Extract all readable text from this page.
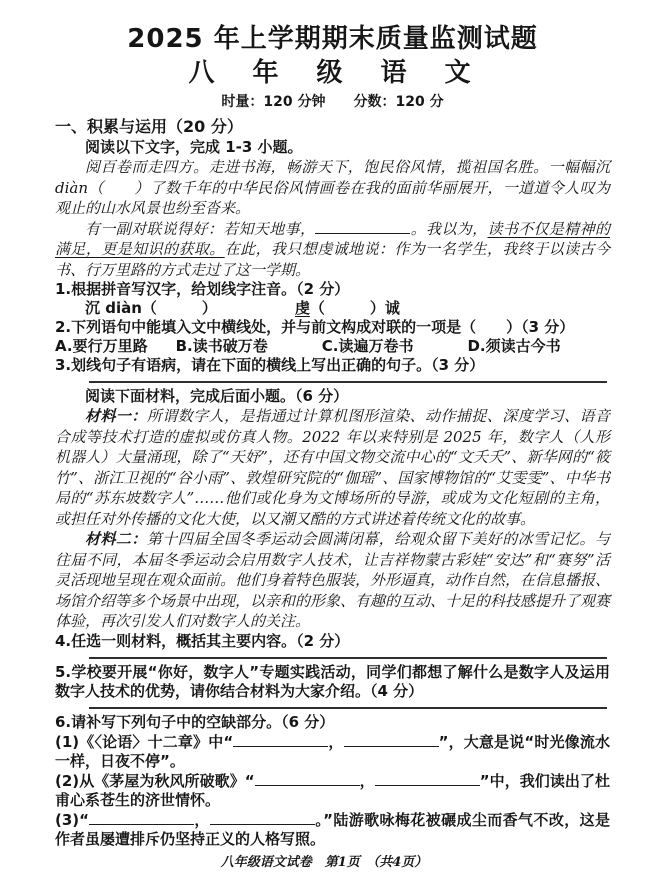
2025 年上学期期末质量监测试题
八　年　级　语　文
时量：120 分钟　　分数：120 分
一、积累与运用（20 分）

阅读以下文字，完成 1-3 小题。

阅百卷而走四方。走进书海，畅游天下，饱民俗风情，揽祖国名胜。一幅幅沉 diàn（　　）了数千年的中华民俗风情画卷在我的面前华丽展开，一道道令人叹为观止的山水风景也纷至沓来。

有一副对联说得好：若知天地事，	。我以为，读书不仅是精神的满足，更是知识的获取。在此，我只想虔诚地说：作为一名学生，我终于以读古今书、行万里路的方式走过了这一学期。

1.根据拼音写汉字，给划线字注音。（2 分）

沉 diàn（　　　）	虔（　　　）诚

2.下列语句中能填入文中横线处，并与前文构成对联的一项是（　　）（3 分）

A.要行万里路 B.读书破万卷	C.读遍万卷书	D.须读古今书

3.划线句子有语病，请在下面的横线上写出正确的句子。（3 分）

阅读下面材料，完成后面小题。（6 分）

材料一：所谓数字人，是指通过计算机图形渲染、动作捕捉、深度学习、语音合成等技术打造的虚拟或仿真人物。2022 年以来特别是 2025 年，数字人（人形机器人）大量涌现，除了“天妤”，还有中国文物交流中心的“文夭夭”、新华网的“筱竹”、浙江卫视的“谷小雨”、敦煌研究院的“伽瑶”、国家博物馆的“艾雯雯”、中华书局的“苏东坡数字人”……他们或化身为文博场所的导游，或成为文化短剧的主角，或担任对外传播的文化大使，以又潮又酷的方式讲述着传统文化的故事。

材料二：第十四届全国冬季运动会圆满闭幕，给观众留下美好的冰雪记忆。与往届不同，本届冬季运动会启用数字人技术，让吉祥物蒙古彩娃“安达”和“赛努”活灵活现地呈现在观众面前。他们身着特色服装，外形逼真，动作自然，在信息播报、场馆介绍等多个场景中出现，以亲和的形象、有趣的互动、十足的科技感提升了观赛体验，再次引发人们对数字人的关注。

4.任选一则材料，概括其主要内容。（2 分）

5.学校要开展“你好，数字人”专题实践活动，同学们都想了解什么是数字人及运用数字人技术的优势，请你结合材料为大家介绍。（4 分）

6.请补写下列句子中的空缺部分。（6 分）

(1)《〈论语〉十二章》中“	，	”，大意是说“时光像流水一样，日夜不停”。

(2)从《茅屋为秋风所破歌》“	，	”中，我们读出了杜甫心系苍生的济世情怀。

(3)“	，	。”陆游歌咏梅花被碾成尘而香气不改，这是作者虽屡遭排斥仍坚持正义的人格写照。

八年级语文试卷　第1页　（共4页）
